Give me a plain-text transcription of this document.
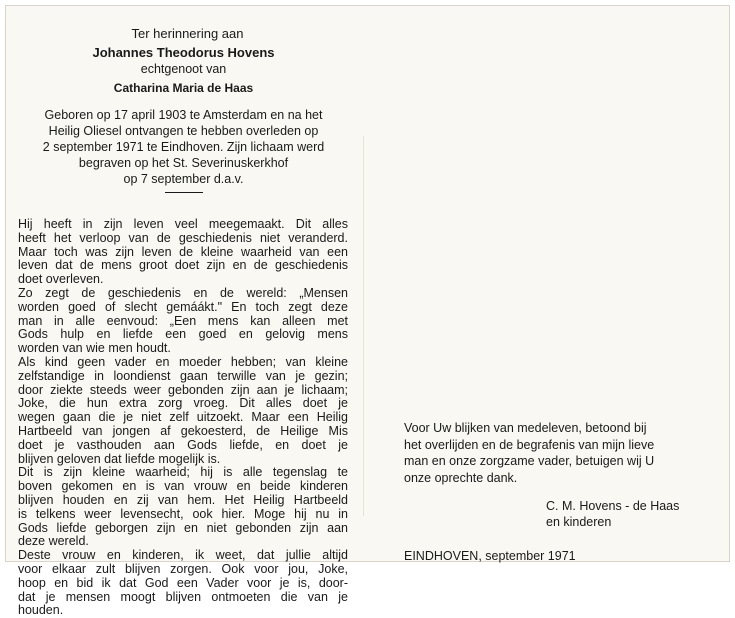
Ter herinnering aan
Johannes Theodorus Hovens
echtgenoot van
Catharina Maria de Haas
Geboren op 17 april 1903 te Amsterdam en na het
Heilig Oliesel ontvangen te hebben overleden op
2 september 1971 te Eindhoven. Zijn lichaam werd
begraven op het St. Severinuskerkhof
op 7 september d.a.v.
Hij heeft in zijn leven veel meegemaakt. Dit alles
heeft het verloop van de geschiedenis niet veranderd.
Maar toch was zijn leven de kleine waarheid van een
leven dat de mens groot doet zijn en de geschiedenis
doet overleven.
Zo zegt de geschiedenis en de wereld: „Mensen
worden goed of slecht gemáákt." En toch zegt deze
man in alle eenvoud: „Een mens kan alleen met
Gods hulp en liefde een goed en gelovig mens
worden van wie men houdt.
Als kind geen vader en moeder hebben; van kleine
zelfstandige in loondienst gaan terwille van je gezin;
door ziekte steeds weer gebonden zijn aan je lichaam;
Joke, die hun extra zorg vroeg. Dit alles doet je
wegen gaan die je niet zelf uitzoekt. Maar een Heilig
Hartbeeld van jongen af gekoesterd, de Heilige Mis
doet je vasthouden aan Gods liefde, en doet je
blijven geloven dat liefde mogelijk is.
Dit is zijn kleine waarheid; hij is alle tegenslag te
boven gekomen en is van vrouw en beide kinderen
blijven houden en zij van hem. Het Heilig Hartbeeld
is telkens weer levensecht, ook hier. Moge hij nu in
Gods liefde geborgen zijn en niet gebonden zijn aan
deze wereld.
Deste vrouw en kinderen, ik weet, dat jullie altijd
voor elkaar zult blijven zorgen. Ook voor jou, Joke,
hoop en bid ik dat God een Vader voor je is, door-
dat je mensen moogt blijven ontmoeten die van je
houden.
Voor Uw blijken van medeleven, betoond bij
het overlijden en de begrafenis van mijn lieve
man en onze zorgzame vader, betuigen wij U
onze oprechte dank.
C. M. Hovens - de Haas
en kinderen
EINDHOVEN, september 1971
